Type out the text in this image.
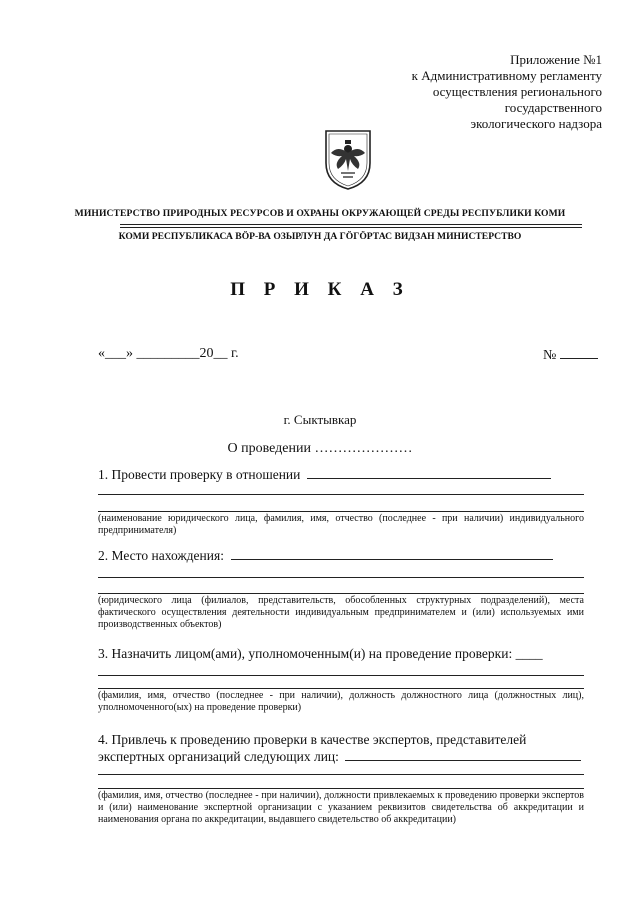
Приложение №1
к Административному регламенту
осуществления регионального
государственного
экологического надзора
МИНИСТЕРСТВО ПРИРОДНЫХ РЕСУРСОВ И ОХРАНЫ ОКРУЖАЮЩЕЙ СРЕДЫ РЕСПУБЛИКИ КОМИ
КОМИ РЕСПУБЛИКАСА ВӦР-ВА ОЗЫРЛУН ДА ГӦГӦРТАС ВИДЗАН МИНИСТЕРСТВО
П Р И К А З
«___» _________20__ г.	№
г. Сыктывкар
О проведении …………………
1. Провести проверку в отношении
(наименование юридического лица, фамилия, имя, отчество (последнее - при наличии) индивидуального предпринимателя)
2. Место нахождения:
(юридического лица (филиалов, представительств, обособленных структурных подразделений), места фактического осуществления деятельности индивидуальным предпринимателем и (или) используемых ими производственных объектов)
3. Назначить лицом(ами), уполномоченным(и) на проведение проверки: ____
(фамилия, имя, отчество (последнее - при наличии), должность должностного лица (должностных лиц), уполномоченного(ых) на проведение проверки)
4. Привлечь к проведению проверки в качестве экспертов, представителей
экспертных организаций следующих лиц:
(фамилия, имя, отчество (последнее - при наличии), должности привлекаемых к проведению проверки экспертов и (или) наименование экспертной организации с указанием реквизитов свидетельства об аккредитации и наименования органа по аккредитации, выдавшего свидетельство об аккредитации)
